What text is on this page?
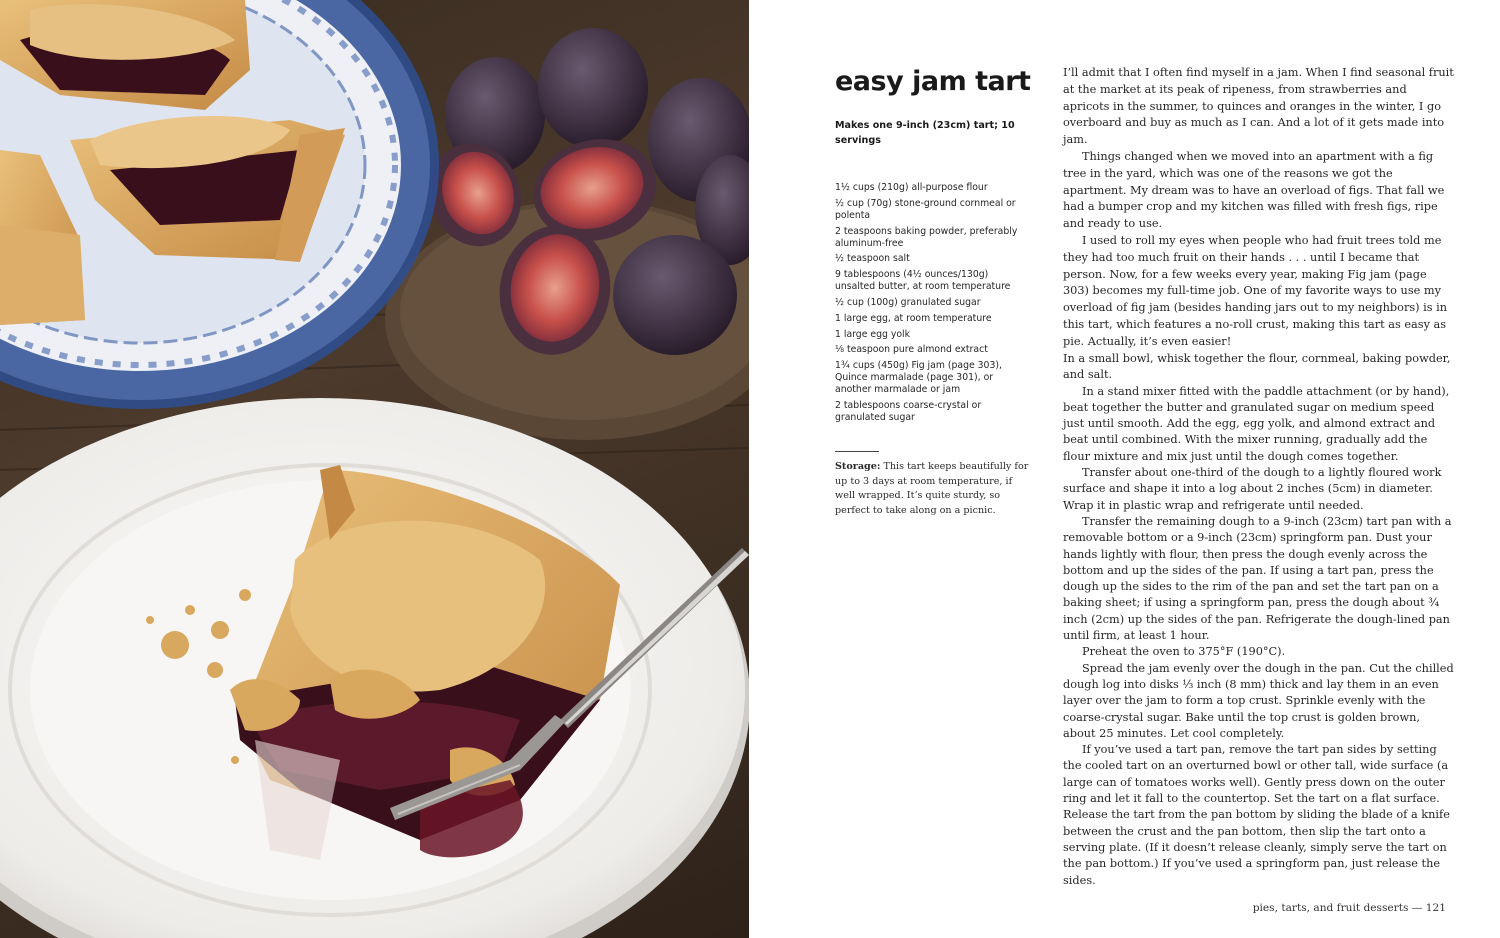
easy jam tart

Makes one 9-inch (23cm) tart; 10 servings

1½ cups (210g) all-purpose flour
½ cup (70g) stone-ground cornmeal or polenta
2 teaspoons baking powder, preferably aluminum-free
½ teaspoon salt
9 tablespoons (4½ ounces/130g) unsalted butter, at room temperature
½ cup (100g) granulated sugar
1 large egg, at room temperature
1 large egg yolk
⅛ teaspoon pure almond extract
1¾ cups (450g) Fig jam (page 303), Quince marmalade (page 301), or another marmalade or jam
2 tablespoons coarse-crystal or granulated sugar

Storage: This tart keeps beautifully for up to 3 days at room temperature, if well wrapped. It’s quite sturdy, so perfect to take along on a picnic.

I’ll admit that I often find myself in a jam. When I find seasonal fruit at the market at its peak of ripeness, from strawberries and apricots in the summer, to quinces and oranges in the winter, I go overboard and buy as much as I can. And a lot of it gets made into jam.

Things changed when we moved into an apartment with a fig tree in the yard, which was one of the reasons we got the apartment. My dream was to have an overload of figs. That fall we had a bumper crop and my kitchen was filled with fresh figs, ripe and ready to use.

I used to roll my eyes when people who had fruit trees told me they had too much fruit on their hands . . . until I became that person. Now, for a few weeks every year, making Fig jam (page 303) becomes my full-time job. One of my favorite ways to use my overload of fig jam (besides handing jars out to my neighbors) is in this tart, which features a no-roll crust, making this tart as easy as pie. Actually, it’s even easier!

In a small bowl, whisk together the flour, cornmeal, baking powder, and salt.

In a stand mixer fitted with the paddle attachment (or by hand), beat together the butter and granulated sugar on medium speed just until smooth. Add the egg, egg yolk, and almond extract and beat until combined. With the mixer running, gradually add the flour mixture and mix just until the dough comes together.

Transfer about one-third of the dough to a lightly floured work surface and shape it into a log about 2 inches (5cm) in diameter. Wrap it in plastic wrap and refrigerate until needed.

Transfer the remaining dough to a 9-inch (23cm) tart pan with a removable bottom or a 9-inch (23cm) springform pan. Dust your hands lightly with flour, then press the dough evenly across the bottom and up the sides of the pan. If using a tart pan, press the dough up the sides to the rim of the pan and set the tart pan on a baking sheet; if using a springform pan, press the dough about ¾ inch (2cm) up the sides of the pan. Refrigerate the dough-lined pan until firm, at least 1 hour.

Preheat the oven to 375°F (190°C).

Spread the jam evenly over the dough in the pan. Cut the chilled dough log into disks ⅓ inch (8 mm) thick and lay them in an even layer over the jam to form a top crust. Sprinkle evenly with the coarse-crystal sugar. Bake until the top crust is golden brown, about 25 minutes. Let cool completely.

If you’ve used a tart pan, remove the tart pan sides by setting the cooled tart on an overturned bowl or other tall, wide surface (a large can of tomatoes works well). Gently press down on the outer ring and let it fall to the countertop. Set the tart on a flat surface. Release the tart from the pan bottom by sliding the blade of a knife between the crust and the pan bottom, then slip the tart onto a serving plate. (If it doesn’t release cleanly, simply serve the tart on the pan bottom.) If you’ve used a springform pan, just release the sides.

pies, tarts, and fruit desserts — 121
